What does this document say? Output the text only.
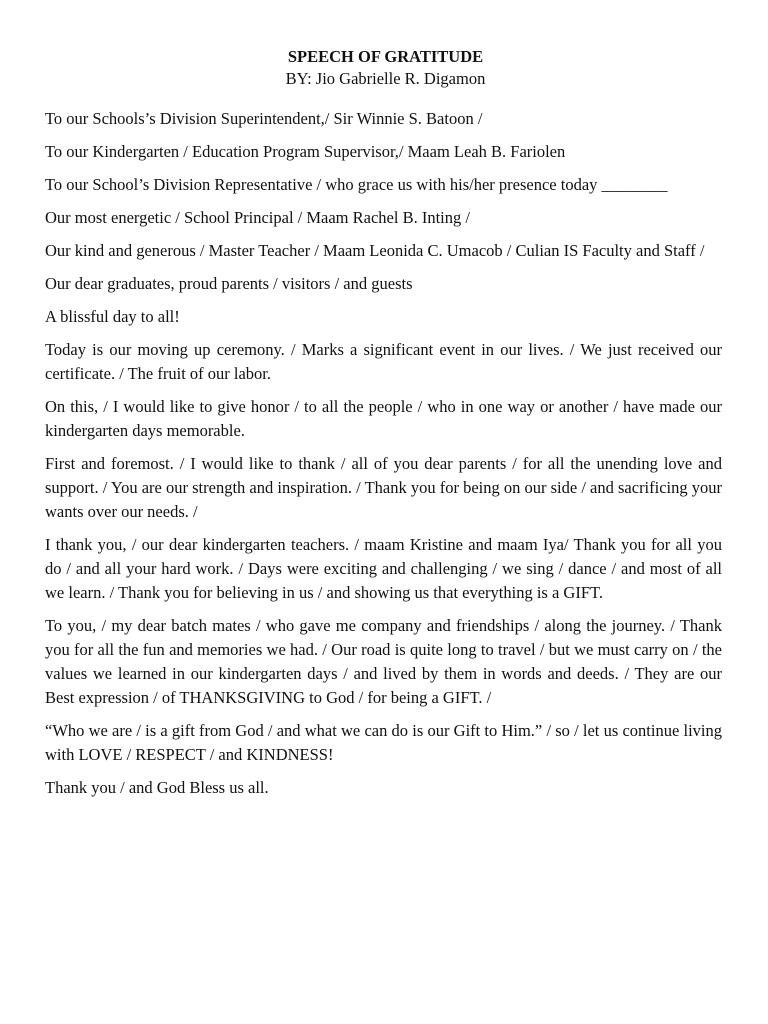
SPEECH OF GRATITUDE

BY: Jio Gabrielle R. Digamon

To our Schools’s Division Superintendent,/ Sir Winnie S. Batoon /

To our Kindergarten / Education Program Supervisor,/ Maam Leah B. Fariolen

To our School’s Division Representative / who grace us with his/her presence today ________

Our most energetic / School Principal / Maam Rachel B. Inting /

Our kind and generous / Master Teacher / Maam Leonida C. Umacob / Culian IS Faculty and Staff /

Our dear graduates, proud parents / visitors / and guests

A blissful day to all!

Today is our moving up ceremony. / Marks a significant event in our lives. / We just received our certificate. / The fruit of our labor.

On this, / I would like to give honor / to all the people / who in one way or another / have made our kindergarten days memorable.

First and foremost. / I would like to thank / all of you dear parents / for all the unending love and support. / You are our strength and inspiration. / Thank you for being on our side / and sacrificing your wants over our needs. /

I thank you, / our dear kindergarten teachers. / maam Kristine and maam Iya/ Thank you for all you do / and all your hard work. / Days were exciting and challenging / we sing / dance / and most of all we learn. / Thank you for believing in us / and showing us that everything is a GIFT.

To you, / my dear batch mates / who gave me company and friendships / along the journey. / Thank you for all the fun and memories we had. / Our road is quite long to travel / but we must carry on / the values we learned in our kindergarten days / and lived by them in words and deeds. / They are our Best expression / of THANKSGIVING to God / for being a GIFT. /

“Who we are / is a gift from God / and what we can do is our Gift to Him.” / so / let us continue living with LOVE / RESPECT / and KINDNESS!

Thank you / and God Bless us all.
